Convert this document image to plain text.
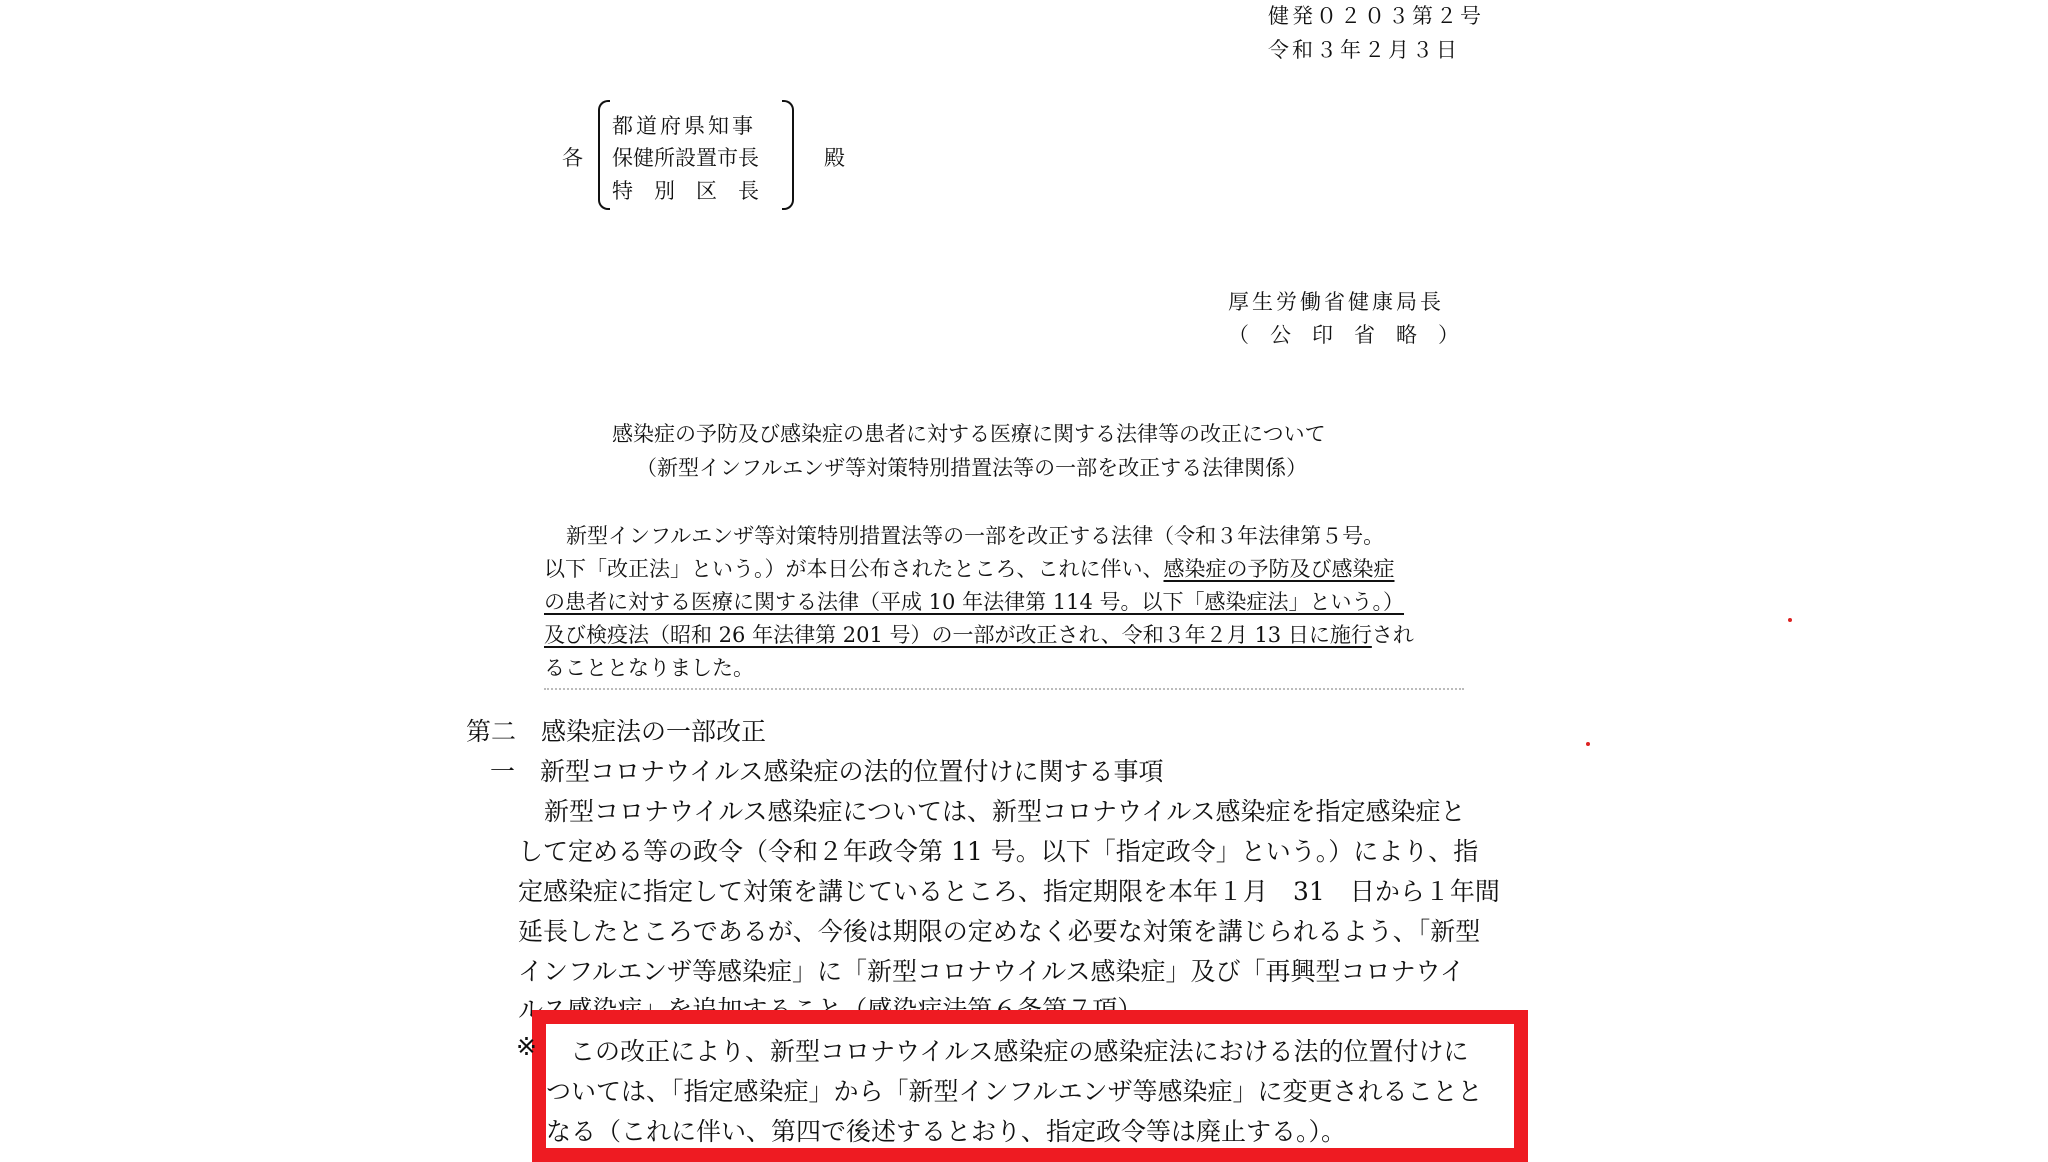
健発０２０３第２号
令和３年２月３日
各
都道府県知事
保健所設置市長
特　別　区　長
殿
厚生労働省健康局長
（　公　印　省　略　）
感染症の予防及び感染症の患者に対する医療に関する法律等の改正について
（新型インフルエンザ等対策特別措置法等の一部を改正する法律関係）
新型インフルエンザ等対策特別措置法等の一部を改正する法律（令和３年法律第５号。
以下「改正法」という。）が本日公布されたところ、これに伴い、感染症の予防及び感染症
の患者に対する医療に関する法律（平成 10 年法律第 114 号。以下「感染症法」という。）
及び検疫法（昭和 26 年法律第 201 号）の一部が改正され、令和３年２月 13 日に施行され
ることとなりました。
第二　感染症法の一部改正
一　新型コロナウイルス感染症の法的位置付けに関する事項
新型コロナウイルス感染症については、新型コロナウイルス感染症を指定感染症と
して定める等の政令（令和２年政令第 11 号。以下「指定政令」という。）により、指
定感染症に指定して対策を講じているところ、指定期限を本年１月　31　日から１年間
延長したところであるが、今後は期限の定めなく必要な対策を講じられるよう、「新型
インフルエンザ等感染症」に「新型コロナウイルス感染症」及び「再興型コロナウイ
ルス感染症」を追加すること（感染症法第６条第７項）
※ この改正により、新型コロナウイルス感染症の感染症法における法的位置付けに
ついては、「指定感染症」から「新型インフルエンザ等感染症」に変更されることと
なる（これに伴い、第四で後述するとおり、指定政令等は廃止する。）。
